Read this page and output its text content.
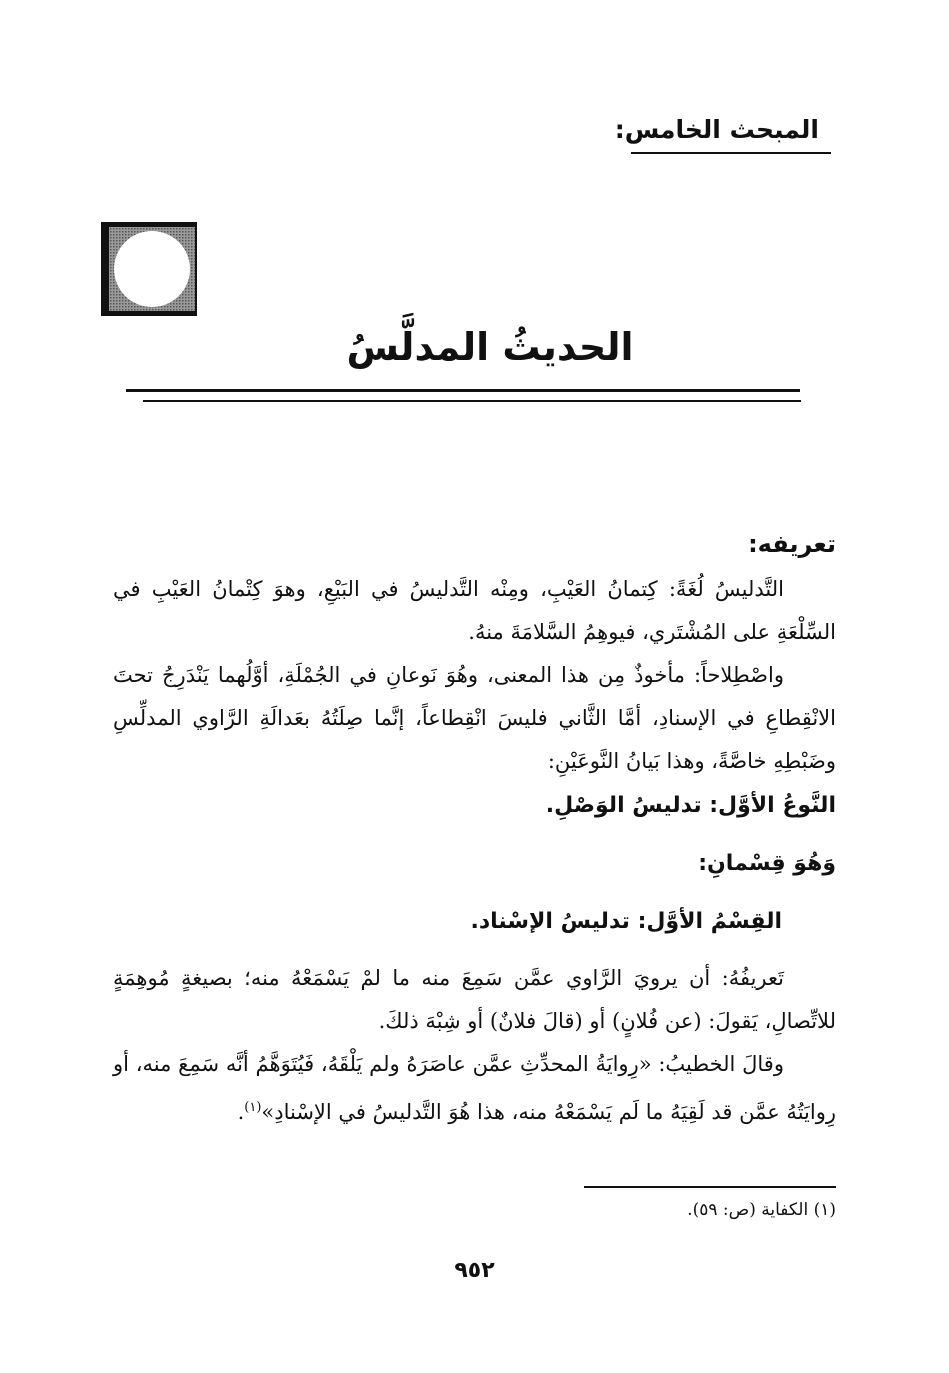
المبحث الخامس:
الحديثُ المدلَّسُ
تعريفه:

التَّدليسُ لُغَةً: كِتمانُ العَيْبِ، ومِنْه التَّدليسُ في البَيْعِ، وهوَ كِتْمانُ العَيْبِ في السِّلْعَةِ على المُشْتَري، فيوهِمُ السَّلامَةَ منهُ.

واصْطِلاحاً: مأخوذٌ مِن هذا المعنى، وهُوَ نَوعانِ في الجُمْلَةِ، أوَّلُهما يَنْدَرِجُ تحتَ الانْقِطاعِ في الإسنادِ، أمَّا الثَّاني فليسَ انْقِطاعاً، إنَّما صِلَتُهُ بعَدالَةِ الرَّاوي المدلِّسِ وضَبْطِهِ خاصَّةً، وهذا بَيانُ النَّوعَيْنِ:

النَّوعُ الأوَّل: تدليسُ الوَصْلِ.
وَهُوَ قِسْمانِ:
القِسْمُ الأوَّل: تدليسُ الإسْناد.

تَعريفُهُ: أن يرويَ الرَّاوي عمَّن سَمِعَ منه ما لمْ يَسْمَعْهُ منه؛ بصيغةٍ مُوهِمَةٍ للاتِّصالِ، يَقولَ: (عن فُلانٍ) أو (قالَ فلانٌ) أو شِبْهَ ذلكَ.

وقالَ الخطيبُ: «رِوايَةُ المحدِّثِ عمَّن عاصَرَهُ ولم يَلْقَهُ، فَيُتَوَهَّمُ أنَّه سَمِعَ منه، أو رِوايَتُهُ عمَّن قد لَقِيَهُ ما لَم يَسْمَعْهُ منه، هذا هُوَ التَّدليسُ في الإسْنادِ»$^{(١)}$.

(١) الكفاية (ص: ٥٩).
٩٥٢
